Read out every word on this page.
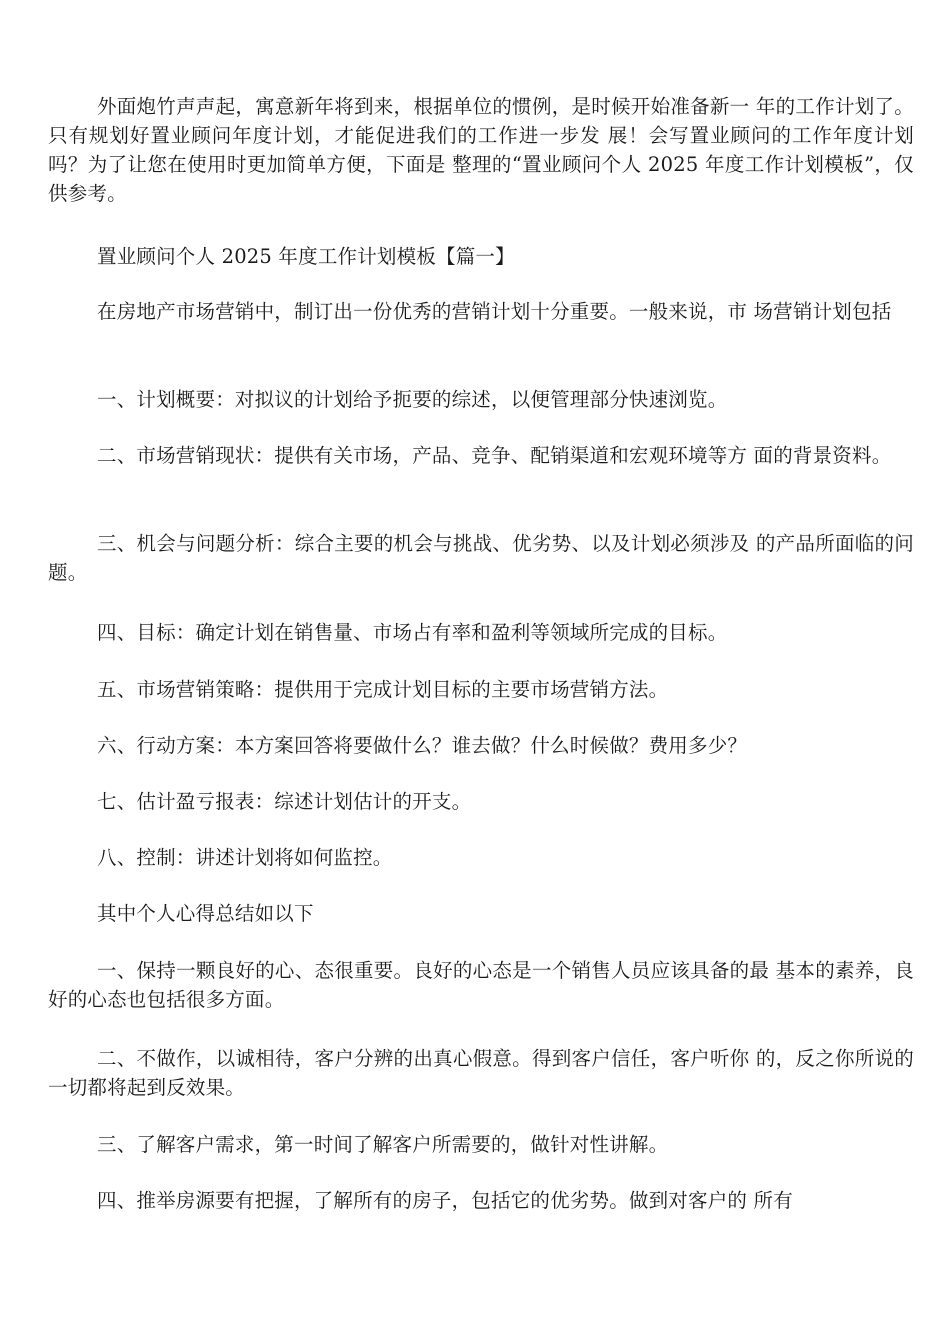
外面炮竹声声起，寓意新年将到来，根据单位的惯例，是时候开始准备新一 年的工作计划了。只有规划好置业顾问年度计划，才能促进我们的工作进一步发 展！会写置业顾问的工作年度计划吗？为了让您在使用时更加简单方便，下面是 整理的“置业顾问个人 2025 年度工作计划模板”，仅供参考。

置业顾问个人 2025 年度工作计划模板【篇一】

在房地产市场营销中，制订出一份优秀的营销计划十分重要。一般来说，市 场营销计划包括

一、计划概要：对拟议的计划给予扼要的综述，以便管理部分快速浏览。

二、市场营销现状：提供有关市场，产品、竞争、配销渠道和宏观环境等方 面的背景资料。

三、机会与问题分析：综合主要的机会与挑战、优劣势、以及计划必须涉及 的产品所面临的问题。

四、目标：确定计划在销售量、市场占有率和盈利等领域所完成的目标。

五、市场营销策略：提供用于完成计划目标的主要市场营销方法。

六、行动方案：本方案回答将要做什么？谁去做？什么时候做？费用多少？

七、估计盈亏报表：综述计划估计的开支。

八、控制：讲述计划将如何监控。

其中个人心得总结如以下

一、保持一颗良好的心、态很重要。良好的心态是一个销售人员应该具备的最 基本的素养，良好的心态也包括很多方面。

二、不做作，以诚相待，客户分辨的出真心假意。得到客户信任，客户听你 的，反之你所说的一切都将起到反效果。

三、了解客户需求，第一时间了解客户所需要的，做针对性讲解。

四、推举房源要有把握，了解所有的房子，包括它的优劣势。做到对客户的 所有
